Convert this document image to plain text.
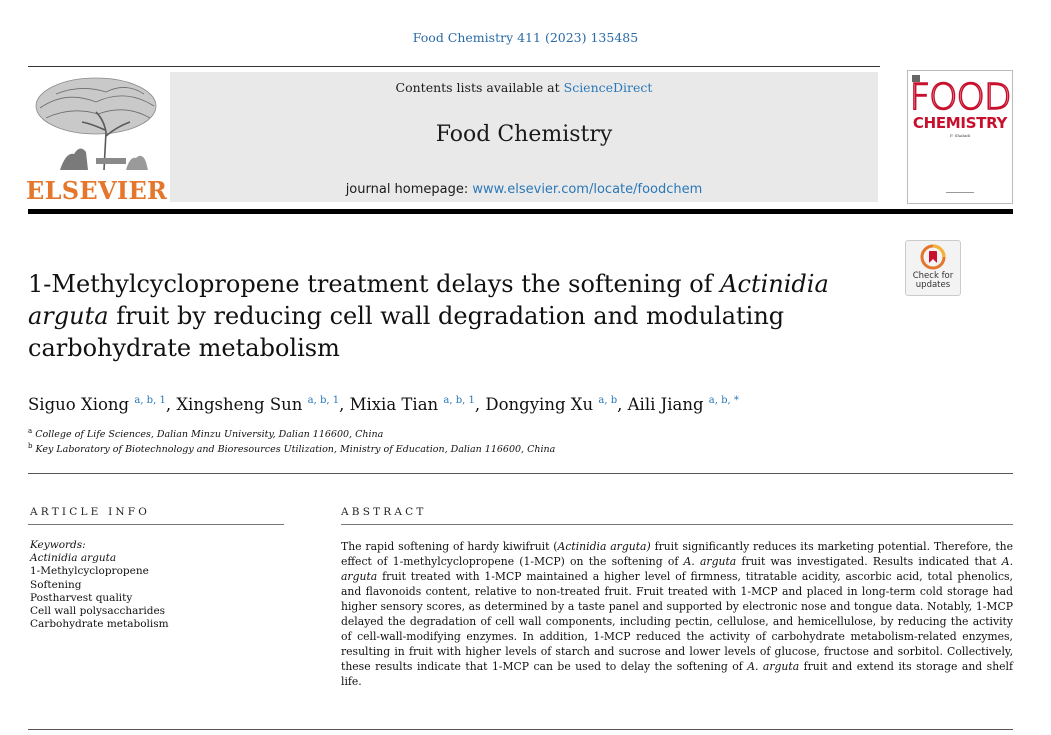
Food Chemistry 411 (2023) 135485
ELSEVIER
Contents lists available at ScienceDirect
Food Chemistry
journal homepage: www.elsevier.com/locate/foodchem
FOOD
CHEMISTRY
F. Shahidi
1-Methylcyclopropene treatment delays the softening of Actinidia arguta fruit by reducing cell wall degradation and modulating carbohydrate metabolism
Check for
updates
Siguo Xiong $^{a, b, 1}$, Xingsheng Sun $^{a, b, 1}$, Mixia Tian $^{a, b, 1}$, Dongying Xu $^{a, b}$, Aili Jiang $^{a, b, *}$
$^a$ College of Life Sciences, Dalian Minzu University, Dalian 116600, China
$^b$ Key Laboratory of Biotechnology and Bioresources Utilization, Ministry of Education, Dalian 116600, China
ARTICLE INFO
Keywords:
Actinidia arguta
1-Methylcyclopropene
Softening
Postharvest quality
Cell wall polysaccharides
Carbohydrate metabolism
ABSTRACT
The rapid softening of hardy kiwifruit (Actinidia arguta) fruit significantly reduces its marketing potential. Therefore, the effect of 1-methylcyclopropene (1-MCP) on the softening of A. arguta fruit was investigated. Results indicated that A. arguta fruit treated with 1-MCP maintained a higher level of firmness, titratable acidity, ascorbic acid, total phenolics, and flavonoids content, relative to non-treated fruit. Fruit treated with 1-MCP and placed in long-term cold storage had higher sensory scores, as determined by a taste panel and supported by electronic nose and tongue data. Notably, 1-MCP delayed the degradation of cell wall components, including pectin, cellulose, and hemicellulose, by reducing the activity of cell-wall-modifying enzymes. In addition, 1-MCP reduced the activity of carbohydrate metabolism-related enzymes, resulting in fruit with higher levels of starch and sucrose and lower levels of glucose, fructose and sorbitol. Collectively, these results indicate that 1-MCP can be used to delay the softening of A. arguta fruit and extend its storage and shelf life.
